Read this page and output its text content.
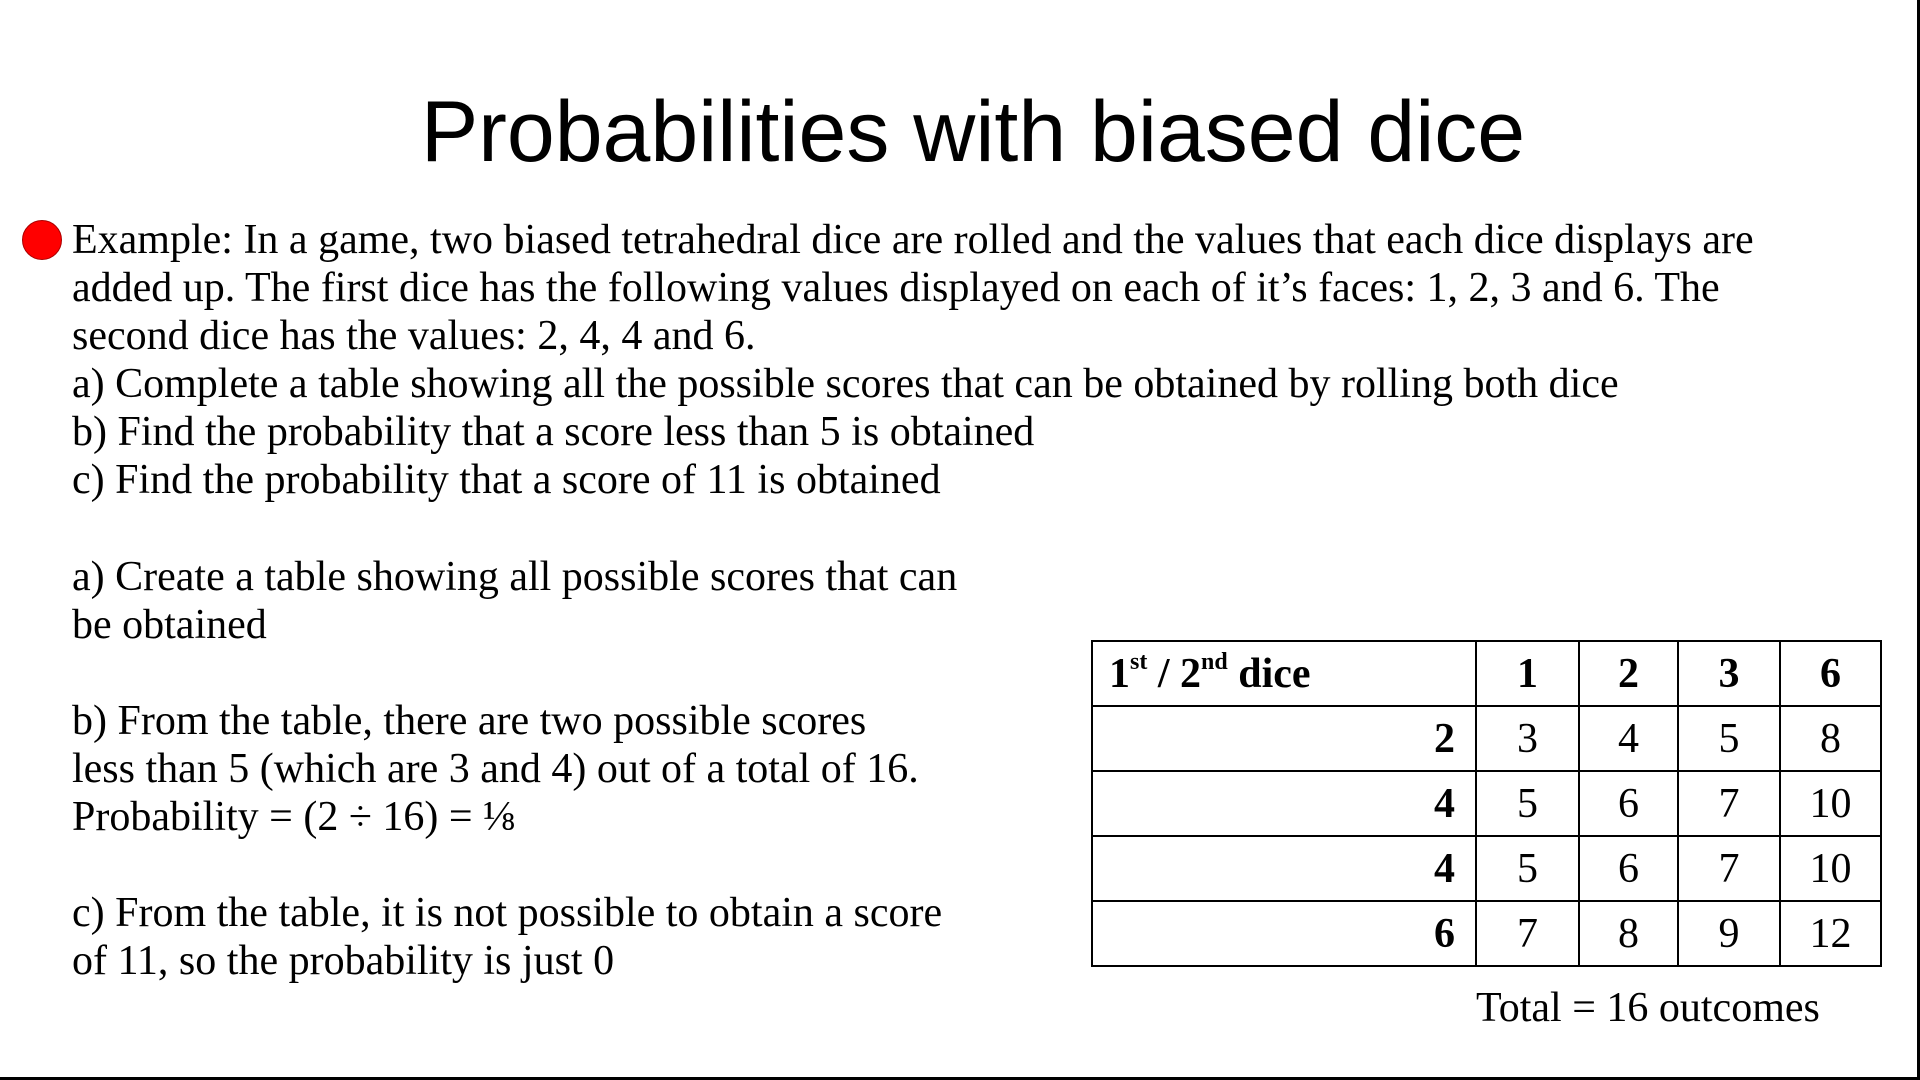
Probabilities with biased dice
Example: In a game, two biased tetrahedral dice are rolled and the values that each dice displays are
added up. The first dice has the following values displayed on each of it’s faces: 1, 2, 3 and 6. The
second dice has the values: 2, 4, 4 and 6.
a) Complete a table showing all the possible scores that can be obtained by rolling both dice
b) Find the probability that a score less than 5 is obtained
c) Find the probability that a score of 11 is obtained
a) Create a table showing all possible scores that can
be obtained
b) From the table, there are two possible scores
less than 5 (which are 3 and 4) out of a total of 16.
Probability = (2 ÷ 16) = ⅛
c) From the table, it is not possible to obtain a score
of 11, so the probability is just 0
1st / 2nd dice	1	2	3	6
2	3	4	5	8
4	5	6	7	10
4	5	6	7	10
6	7	8	9	12
Total = 16 outcomes
